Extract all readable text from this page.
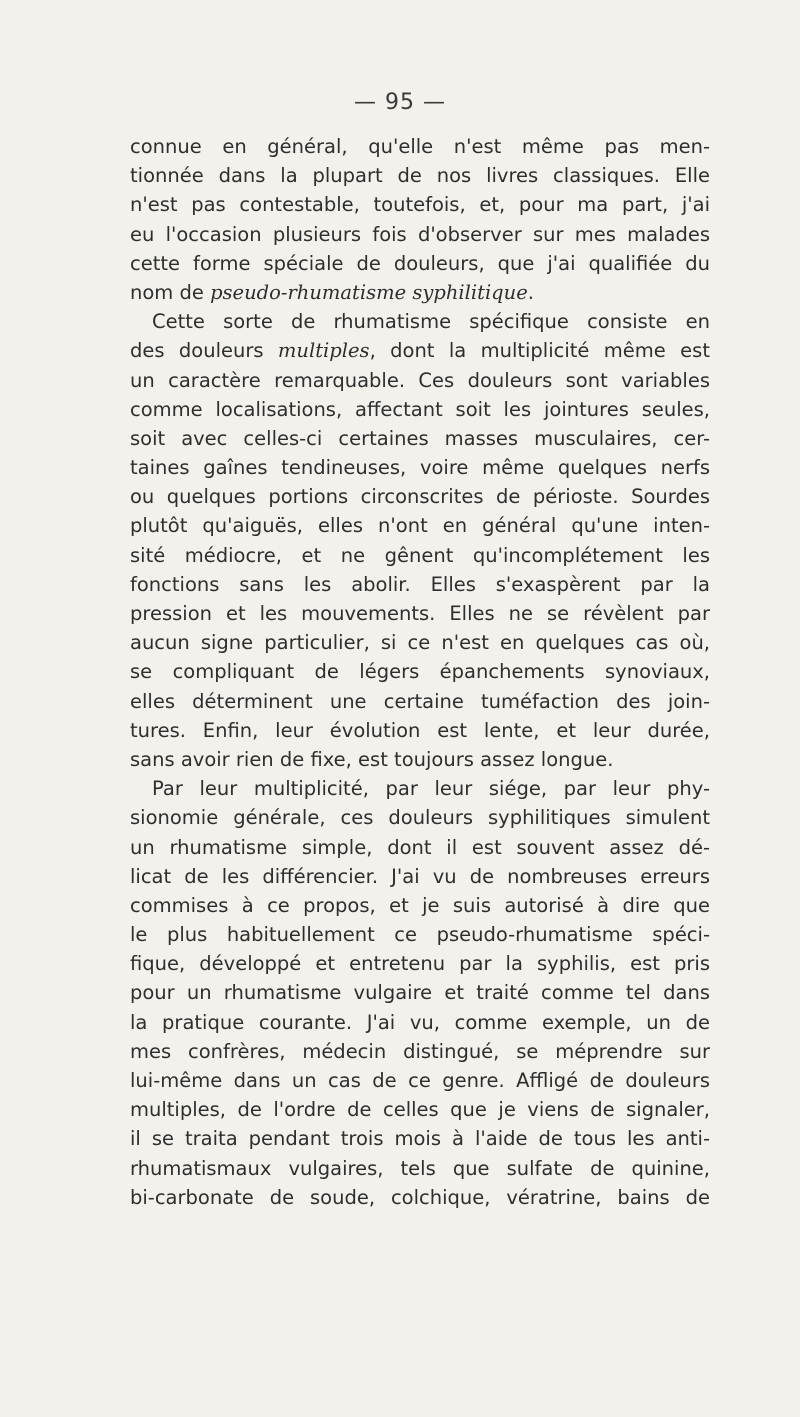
— 95 —
connue en général, qu'elle n'est même pas men-
tionnée dans la plupart de nos livres classiques. Elle
n'est pas contestable, toutefois, et, pour ma part, j'ai
eu l'occasion plusieurs fois d'observer sur mes malades
cette forme spéciale de douleurs, que j'ai qualifiée du
nom de pseudo-rhumatisme syphilitique.
Cette sorte de rhumatisme spécifique consiste en
des douleurs multiples, dont la multiplicité même est
un caractère remarquable. Ces douleurs sont variables
comme localisations, affectant soit les jointures seules,
soit avec celles-ci certaines masses musculaires, cer-
taines gaînes tendineuses, voire même quelques nerfs
ou quelques portions circonscrites de périoste. Sourdes
plutôt qu'aiguës, elles n'ont en général qu'une inten-
sité médiocre, et ne gênent qu'incomplétement les
fonctions sans les abolir. Elles s'exaspèrent par la
pression et les mouvements. Elles ne se révèlent par
aucun signe particulier, si ce n'est en quelques cas où,
se compliquant de légers épanchements synoviaux,
elles déterminent une certaine tuméfaction des join-
tures. Enfin, leur évolution est lente, et leur durée,
sans avoir rien de fixe, est toujours assez longue.
Par leur multiplicité, par leur siége, par leur phy-
sionomie générale, ces douleurs syphilitiques simulent
un rhumatisme simple, dont il est souvent assez dé-
licat de les différencier. J'ai vu de nombreuses erreurs
commises à ce propos, et je suis autorisé à dire que
le plus habituellement ce pseudo-rhumatisme spéci-
fique, développé et entretenu par la syphilis, est pris
pour un rhumatisme vulgaire et traité comme tel dans
la pratique courante. J'ai vu, comme exemple, un de
mes confrères, médecin distingué, se méprendre sur
lui-même dans un cas de ce genre. Affligé de douleurs
multiples, de l'ordre de celles que je viens de signaler,
il se traita pendant trois mois à l'aide de tous les anti-
rhumatismaux vulgaires, tels que sulfate de quinine,
bi-carbonate de soude, colchique, vératrine, bains de
